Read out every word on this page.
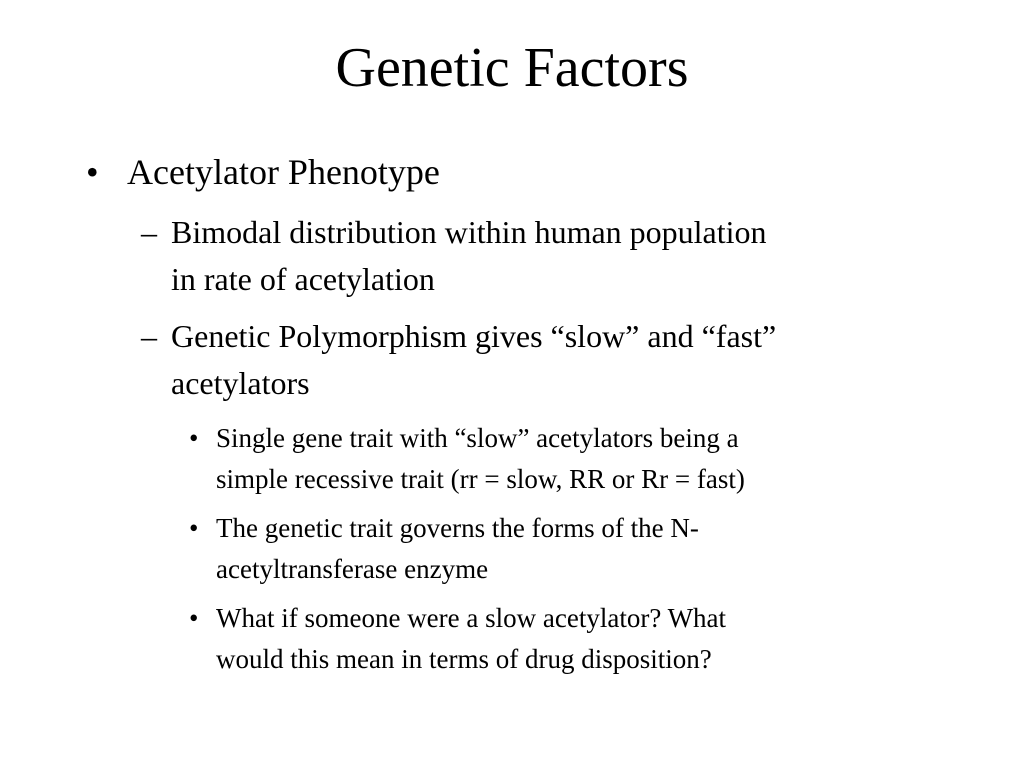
Genetic Factors
• Acetylator Phenotype
– Bimodal distribution within human population
in rate of acetylation
– Genetic Polymorphism gives “slow” and “fast”
acetylators
• Single gene trait with “slow” acetylators being a
simple recessive trait (rr = slow, RR or Rr = fast)
• The genetic trait governs the forms of the N-
acetyltransferase enzyme
• What if someone were a slow acetylator? What
would this mean in terms of drug disposition?
